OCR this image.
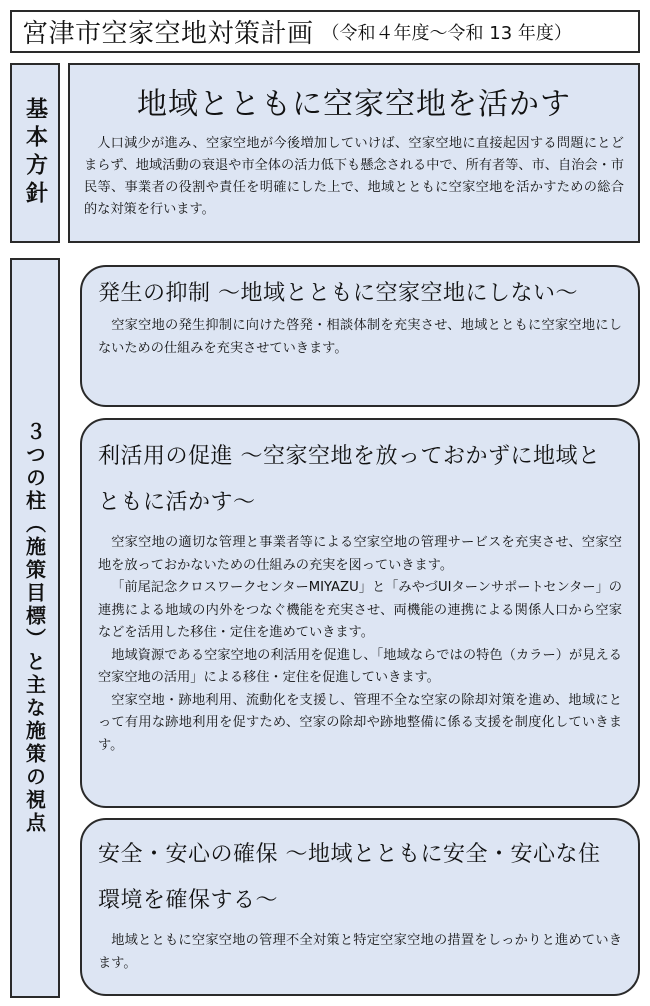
宮津市空家空地対策計画 （令和４年度～令和 13 年度）
基本方針	地域とともに空家空地を活かす

人口減少が進み、空家空地が今後増加していけば、空家空地に直接起因する問題にとどまらず、地域活動の衰退や市全体の活力低下も懸念される中で、所有者等、市、自治会・市民等、事業者の役割や責任を明確にした上で、地域とともに空家空地を活かすための総合的な対策を行います。

３つの柱（施策目標）と主な施策の視点
発生の抑制 ～地域とともに空家空地にしない～

空家空地の発生抑制に向けた啓発・相談体制を充実させ、地域とともに空家空地にしないための仕組みを充実させていきます。

利活用の促進 ～空家空地を放っておかずに地域とともに活かす～

空家空地の適切な管理と事業者等による空家空地の管理サービスを充実させ、空家空地を放っておかないための仕組みの充実を図っていきます。

「前尾記念クロスワークセンターMIYAZU」と「みやづUIターンサポートセンター」の連携による地域の内外をつなぐ機能を充実させ、両機能の連携による関係人口から空家などを活用した移住・定住を進めていきます。

地域資源である空家空地の利活用を促進し、「地域ならではの特色（カラー）が見える空家空地の活用」による移住・定住を促進していきます。

空家空地・跡地利用、流動化を支援し、管理不全な空家の除却対策を進め、地域にとって有用な跡地利用を促すため、空家の除却や跡地整備に係る支援を制度化していきます。

安全・安心の確保 ～地域とともに安全・安心な住環境を確保する～

地域とともに空家空地の管理不全対策と特定空家空地の措置をしっかりと進めていきます。
